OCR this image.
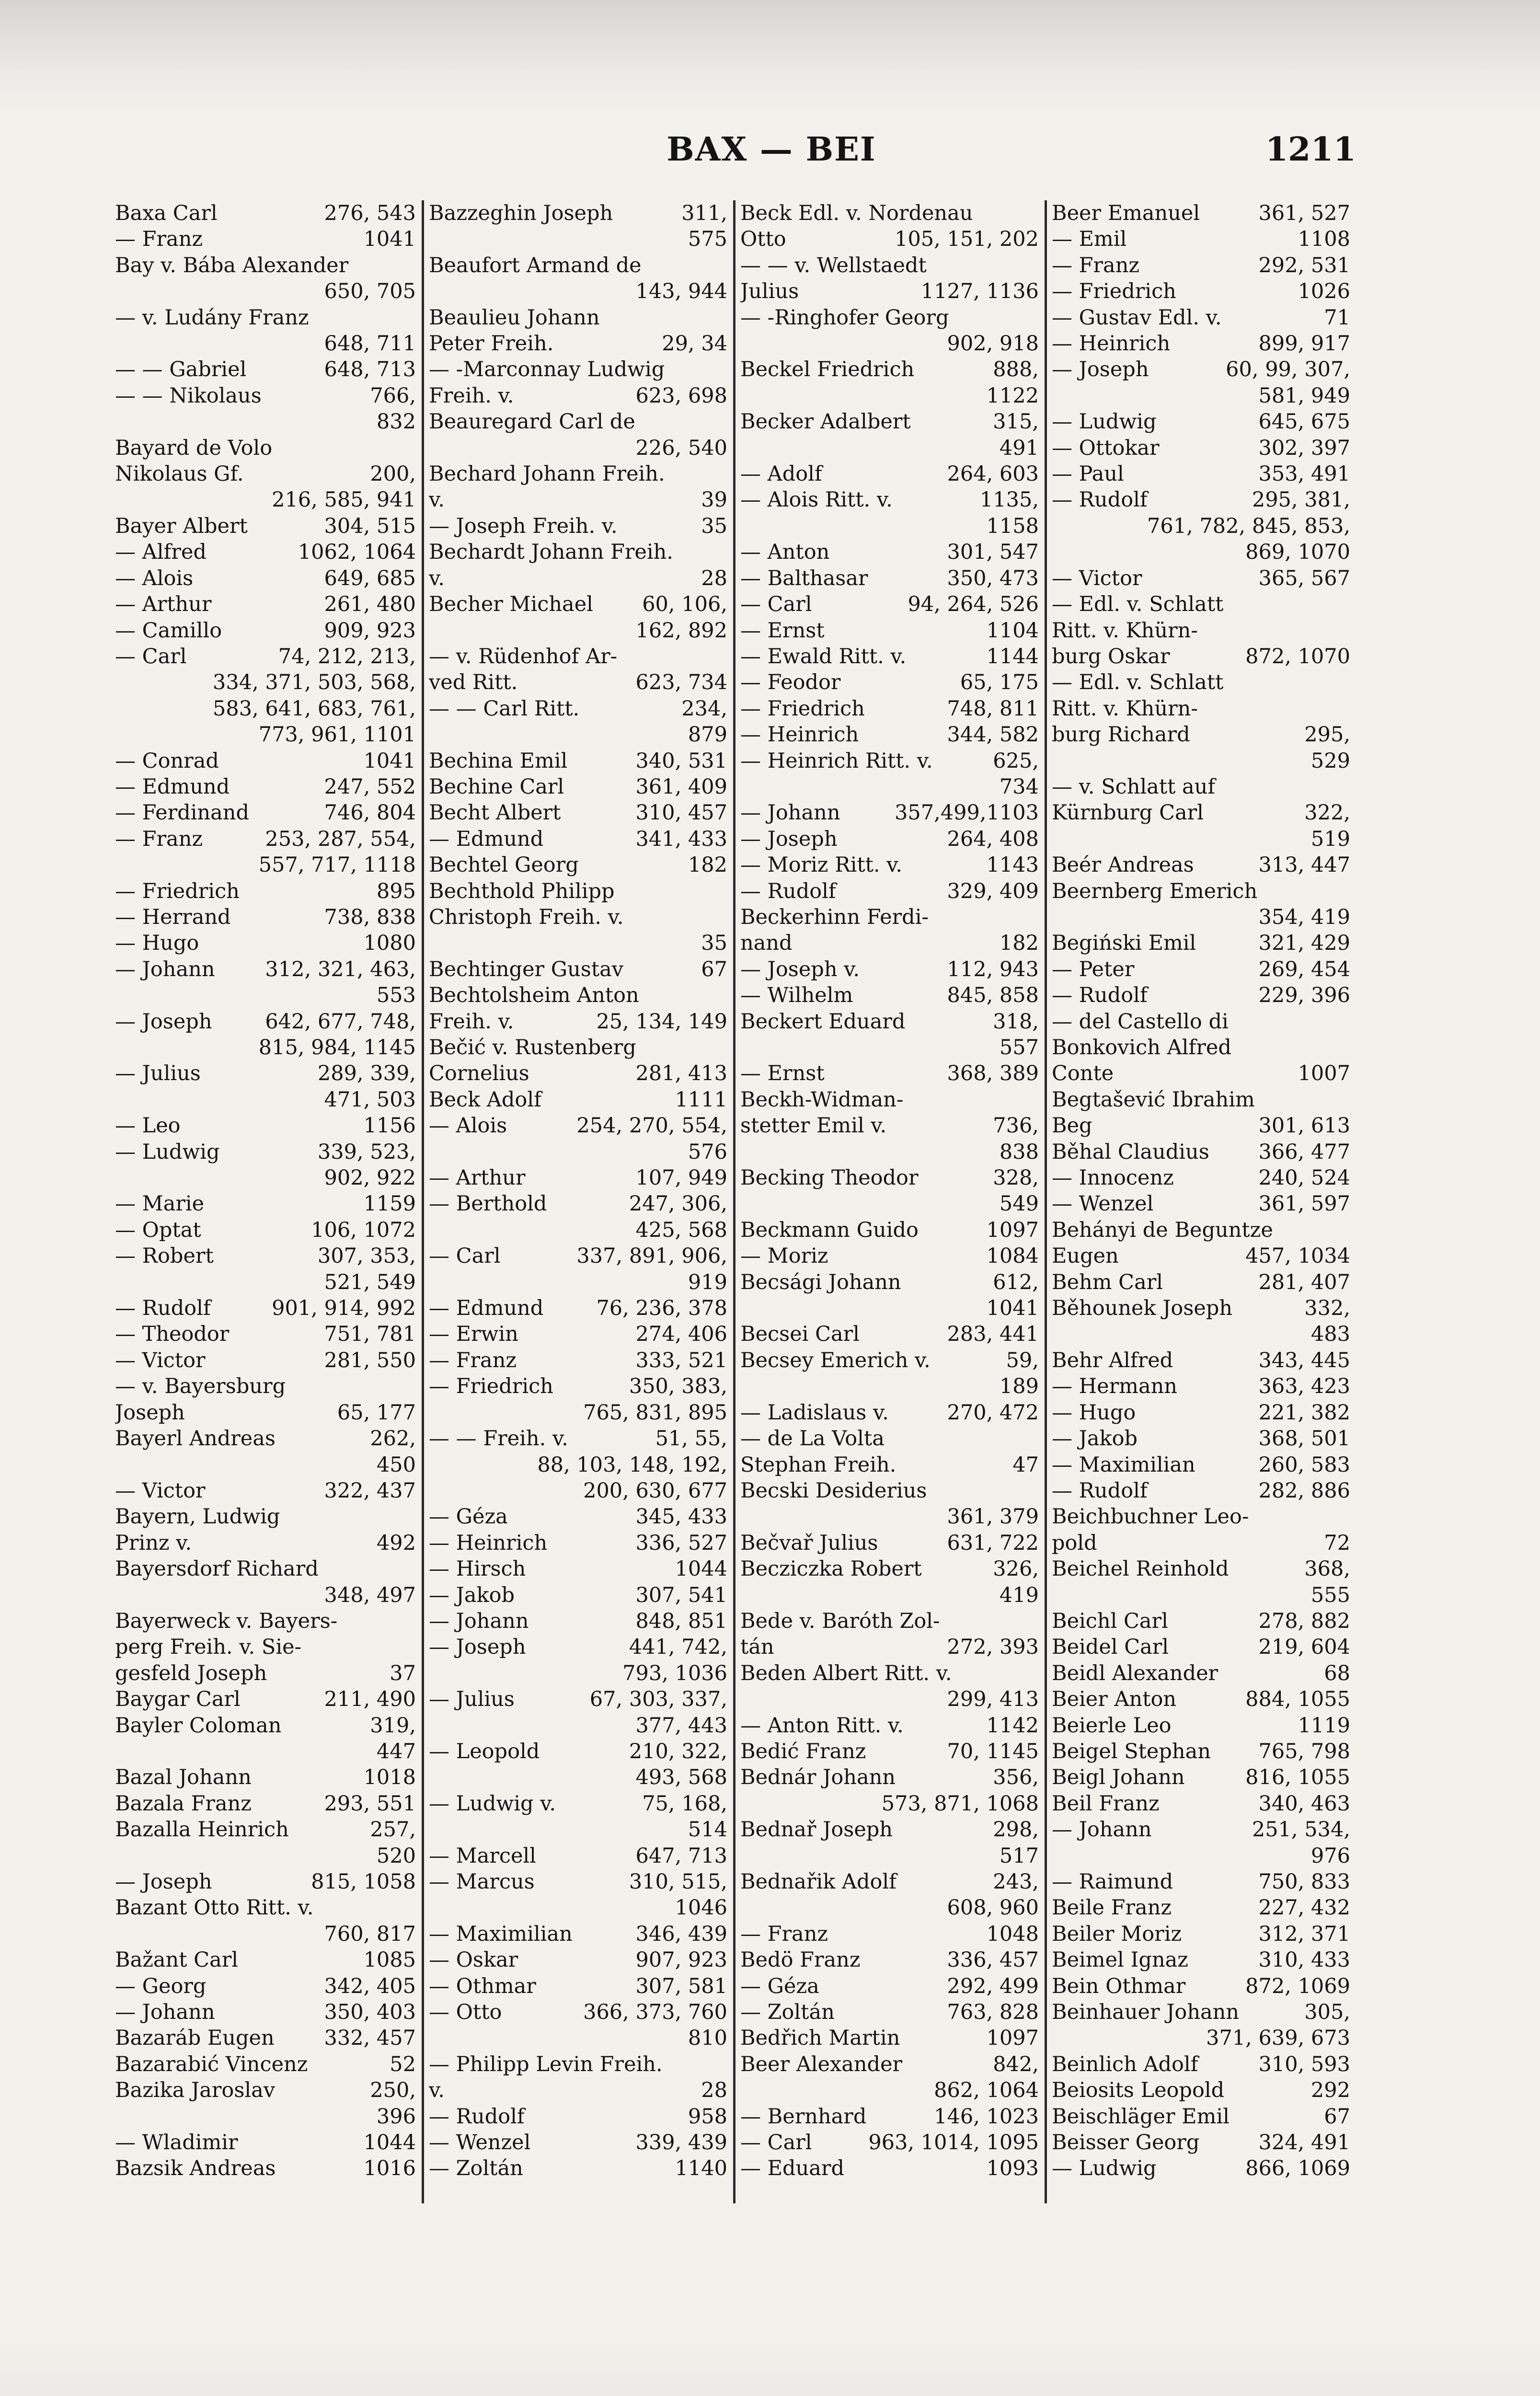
BAX — BEI	1211
Baxa Carl	276, 543
— Franz	1041
Bay v. Bába Alexander
650, 705
— v. Ludány Franz
648, 711
— — Gabriel	648, 713
— — Nikolaus	766,
832
Bayard de Volo
Nikolaus Gf.	200,
216, 585, 941
Bayer Albert	304, 515
— Alfred	1062, 1064
— Alois	649, 685
— Arthur	261, 480
— Camillo	909, 923
— Carl	74, 212, 213,
334, 371, 503, 568,
583, 641, 683, 761,
773, 961, 1101
— Conrad	1041
— Edmund	247, 552
— Ferdinand	746, 804
— Franz	253, 287, 554,
557, 717, 1118
— Friedrich	895
— Herrand	738, 838
— Hugo	1080
— Johann	312, 321, 463,
553
— Joseph	642, 677, 748,
815, 984, 1145
— Julius	289, 339,
471, 503
— Leo	1156
— Ludwig	339, 523,
902, 922
— Marie	1159
— Optat	106, 1072
— Robert	307, 353,
521, 549
— Rudolf	901, 914, 992
— Theodor	751, 781
— Victor	281, 550
— v. Bayersburg
Joseph	65, 177
Bayerl Andreas	262,
450
— Victor	322, 437
Bayern, Ludwig
Prinz v.	492
Bayersdorf Richard
348, 497
Bayerweck v. Bayers-
perg Freih. v. Sie-
gesfeld Joseph	37
Baygar Carl	211, 490
Bayler Coloman	319,
447
Bazal Johann	1018
Bazala Franz	293, 551
Bazalla Heinrich	257,
520
— Joseph	815, 1058
Bazant Otto Ritt. v.
760, 817
Bažant Carl	1085
— Georg	342, 405
— Johann	350, 403
Bazaráb Eugen	332, 457
Bazarabić Vincenz	52
Bazika Jaroslav	250,
396
— Wladimir	1044
Bazsik Andreas	1016
Bazzeghin Joseph	311,
575
Beaufort Armand de
143, 944
Beaulieu Johann
Peter Freih.	29, 34
— -Marconnay Ludwig
Freih. v.	623, 698
Beauregard Carl de
226, 540
Bechard Johann Freih.
v.	39
— Joseph Freih. v.	35
Bechardt Johann Freih.
v.	28
Becher Michael	60, 106,
162, 892
— v. Rüdenhof Ar-
ved Ritt.	623, 734
— — Carl Ritt.	234,
879
Bechina Emil	340, 531
Bechine Carl	361, 409
Becht Albert	310, 457
— Edmund	341, 433
Bechtel Georg	182
Bechthold Philipp
Christoph Freih. v.
35
Bechtinger Gustav	67
Bechtolsheim Anton
Freih. v.	25, 134, 149
Bečić v. Rustenberg
Cornelius	281, 413
Beck Adolf	1111
— Alois	254, 270, 554,
576
— Arthur	107, 949
— Berthold	247, 306,
425, 568
— Carl	337, 891, 906,
919
— Edmund	76, 236, 378
— Erwin	274, 406
— Franz	333, 521
— Friedrich	350, 383,
765, 831, 895
— — Freih. v.	51, 55,
88, 103, 148, 192,
200, 630, 677
— Géza	345, 433
— Heinrich	336, 527
— Hirsch	1044
— Jakob	307, 541
— Johann	848, 851
— Joseph	441, 742,
793, 1036
— Julius	67, 303, 337,
377, 443
— Leopold	210, 322,
493, 568
— Ludwig v.	75, 168,
514
— Marcell	647, 713
— Marcus	310, 515,
1046
— Maximilian	346, 439
— Oskar	907, 923
— Othmar	307, 581
— Otto	366, 373, 760
810
— Philipp Levin Freih.
v.	28
— Rudolf	958
— Wenzel	339, 439
— Zoltán	1140
Beck Edl. v. Nordenau
Otto	105, 151, 202
— — v. Wellstaedt
Julius	1127, 1136
— -Ringhofer Georg
902, 918
Beckel Friedrich	888,
1122
Becker Adalbert	315,
491
— Adolf	264, 603
— Alois Ritt. v.	1135,
1158
— Anton	301, 547
— Balthasar	350, 473
— Carl	94, 264, 526
— Ernst	1104
— Ewald Ritt. v.	1144
— Feodor	65, 175
— Friedrich	748, 811
— Heinrich	344, 582
— Heinrich Ritt. v.	625,
734
— Johann	357,499,1103
— Joseph	264, 408
— Moriz Ritt. v.	1143
— Rudolf	329, 409
Beckerhinn Ferdi-
nand	182
— Joseph v.	112, 943
— Wilhelm	845, 858
Beckert Eduard	318,
557
— Ernst	368, 389
Beckh-Widman-
stetter Emil v.	736,
838
Becking Theodor	328,
549
Beckmann Guido	1097
— Moriz	1084
Becsági Johann	612,
1041
Becsei Carl	283, 441
Becsey Emerich v.	59,
189
— Ladislaus v.	270, 472
— de La Volta
Stephan Freih.	47
Becski Desiderius
361, 379
Bečvař Julius	631, 722
Becziczka Robert	326,
419
Bede v. Baróth Zol-
tán	272, 393
Beden Albert Ritt. v.
299, 413
— Anton Ritt. v.	1142
Bedić Franz	70, 1145
Bednár Johann	356,
573, 871, 1068
Bednař Joseph	298,
517
Bednařik Adolf	243,
608, 960
— Franz	1048
Bedö Franz	336, 457
— Géza	292, 499
— Zoltán	763, 828
Bedřich Martin	1097
Beer Alexander	842,
862, 1064
— Bernhard	146, 1023
— Carl	963, 1014, 1095
— Eduard	1093
Beer Emanuel	361, 527
— Emil	1108
— Franz	292, 531
— Friedrich	1026
— Gustav Edl. v.	71
— Heinrich	899, 917
— Joseph	60, 99, 307,
581, 949
— Ludwig	645, 675
— Ottokar	302, 397
— Paul	353, 491
— Rudolf	295, 381,
761, 782, 845, 853,
869, 1070
— Victor	365, 567
— Edl. v. Schlatt
Ritt. v. Khürn-
burg Oskar	872, 1070
— Edl. v. Schlatt
Ritt. v. Khürn-
burg Richard	295,
529
— v. Schlatt auf
Kürnburg Carl	322,
519
Beér Andreas	313, 447
Beernberg Emerich
354, 419
Begiński Emil	321, 429
— Peter	269, 454
— Rudolf	229, 396
— del Castello di
Bonkovich Alfred
Conte	1007
Begtašević Ibrahim
Beg	301, 613
Běhal Claudius	366, 477
— Innocenz	240, 524
— Wenzel	361, 597
Behányi de Beguntze
Eugen	457, 1034
Behm Carl	281, 407
Běhounek Joseph	332,
483
Behr Alfred	343, 445
— Hermann	363, 423
— Hugo	221, 382
— Jakob	368, 501
— Maximilian	260, 583
— Rudolf	282, 886
Beichbuchner Leo-
pold	72
Beichel Reinhold	368,
555
Beichl Carl	278, 882
Beidel Carl	219, 604
Beidl Alexander	68
Beier Anton	884, 1055
Beierle Leo	1119
Beigel Stephan	765, 798
Beigl Johann	816, 1055
Beil Franz	340, 463
— Johann	251, 534,
976
— Raimund	750, 833
Beile Franz	227, 432
Beiler Moriz	312, 371
Beimel Ignaz	310, 433
Bein Othmar	872, 1069
Beinhauer Johann	305,
371, 639, 673
Beinlich Adolf	310, 593
Beiosits Leopold	292
Beischläger Emil	67
Beisser Georg	324, 491
— Ludwig	866, 1069
